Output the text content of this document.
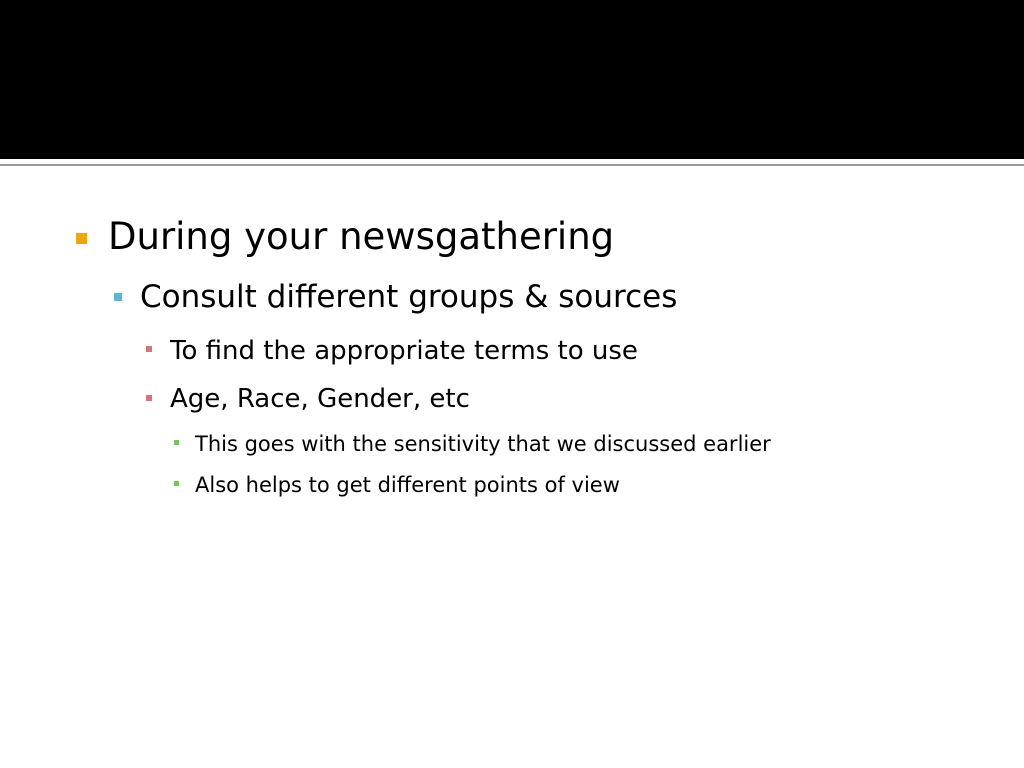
During your newsgathering
Consult different groups & sources
To find the appropriate terms to use
Age, Race, Gender, etc
This goes with the sensitivity that we discussed earlier
Also helps to get different points of view
